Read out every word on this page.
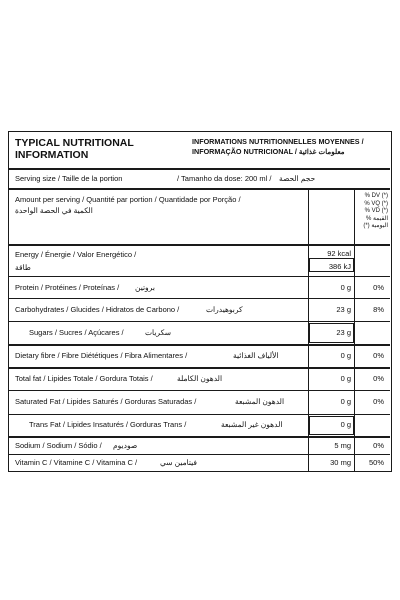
TYPICAL NUTRITIONAL
INFORMATION
INFORMATIONS NUTRITIONNELLES MOYENNES /
INFORMAÇÃO NUTRICIONAL / معلومات غذائية
Serving size / Taille de la portion	/ Tamanho da dose: 200 ml / حجم الحصة
Amount per serving / Quantité par portion / Quantidade por Porção /
الكمية في الحصة الواحدة
% DV (*)
% VQ (*)
% VD (*)
% القيمة
(*) اليومية
Energy / Énergie / Valor Energético /
طاقة
92 kcal
386 kJ
Protein / Protéines / Proteínas / بروتين	0 g	0%
Carbohydrates / Glucides / Hidratos de Carbono /	كربوهيدرات	23 g	8%
Sugars / Sucres / Açúcares /	سكريات	23 g
Dietary fibre / Fibre Diététiques / Fibra Alimentares /	الألياف الغذائية	0 g	0%
Total fat / Lipides Totale / Gordura Totais /	الدهون الكاملة	0 g	0%
Saturated Fat / Lipides Saturés / Gorduras Saturadas /	الدهون المشبعة	0 g	0%
Trans Fat / Lipides Insaturés / Gorduras Trans /	الدهون غير المشبعة	0 g
Sodium / Sodium / Sódio / صوديوم	5 mg	0%
Vitamin C / Vitamine C / Vitamina C /	فيتامين سي	30 mg	50%
